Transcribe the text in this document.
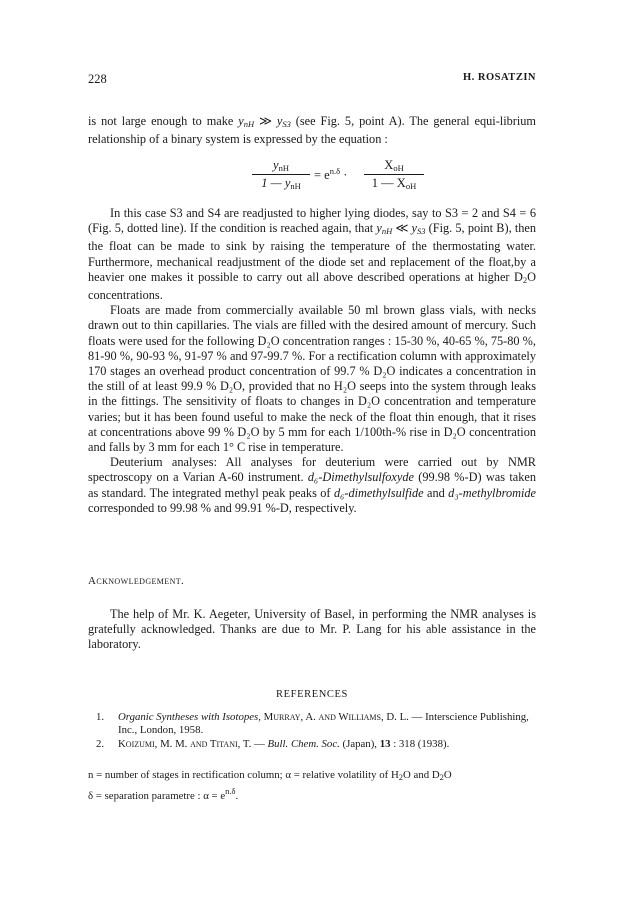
228	H. ROSATZIN

is not large enough to make $y_{nH}$ ≫ $y_{S3}$ (see Fig. 5, point A). The general equi-librium relationship of a binary system is expressed by the equation :

$y_{nH}$
1 — $y_{nH}$
= $e^{n.\delta}$ ·
$X_{oH}$
1 — $X_{oH}$

In this case S3 and S4 are readjusted to higher lying diodes, say to S3 = 2 and S4 = 6 (Fig. 5, dotted line). If the condition is reached again, that $y_{nH}$ ≪ $y_{S3}$ (Fig. 5, point B), then the float can be made to sink by raising the temperature of the thermostating water. Furthermore, mechanical readjustment of the diode set and replacement of the float,by a heavier one makes it possible to carry out all above described operations at higher $D_2O$ concentrations.

Floats are made from commercially available 50 ml brown glass vials, with necks drawn out to thin capillaries. The vials are filled with the desired amount of mercury. Such floats were used for the following D₂O concentration ranges : 15-30 %, 40-65 %, 75-80 %, 81-90 %, 90-93 %, 91-97 % and 97-99.7 %. For a rectification column with approximately 170 stages an overhead product concentration of 99.7 % D₂O indicates a concentration in the still of at least 99.9 % D₂O, provided that no H₂O seeps into the system through leaks in the fittings. The sensitivity of floats to changes in D₂O concentration and temperature varies; but it has been found useful to make the neck of the float thin enough, that it rises at concentrations above 99 % D₂O by 5 mm for each 1/100th-% rise in D₂O concentration and falls by 3 mm for each 1° C rise in temperature.

Deuterium analyses: All analyses for deuterium were carried out by NMR spectroscopy on a Varian A-60 instrument. d₆-Dimethylsulfoxyde (99.98 %-D) was taken as standard. The integrated methyl peak peaks of d₆-dimethylsulfide and d₃-methylbromide corresponded to 99.98 % and 99.91 %-D, respectively.

Acknowledgement.

The help of Mr. K. Aegeter, University of Basel, in performing the NMR analyses is gratefully acknowledged. Thanks are due to Mr. P. Lang for his able assistance in the laboratory.

REFERENCES
1. Organic Syntheses with Isotopes, Murray, A. and Williams, D. L. — Interscience Publishing, Inc., London, 1958.
2. Koizumi, M. M. and Titani, T. — Bull. Chem. Soc. (Japan), 13 : 318 (1938).
n = number of stages in rectification column; α = relative volatility of $H_2O$ and $D_2O$
δ = separation parametre : $\alpha = e^{n.\delta}$.
